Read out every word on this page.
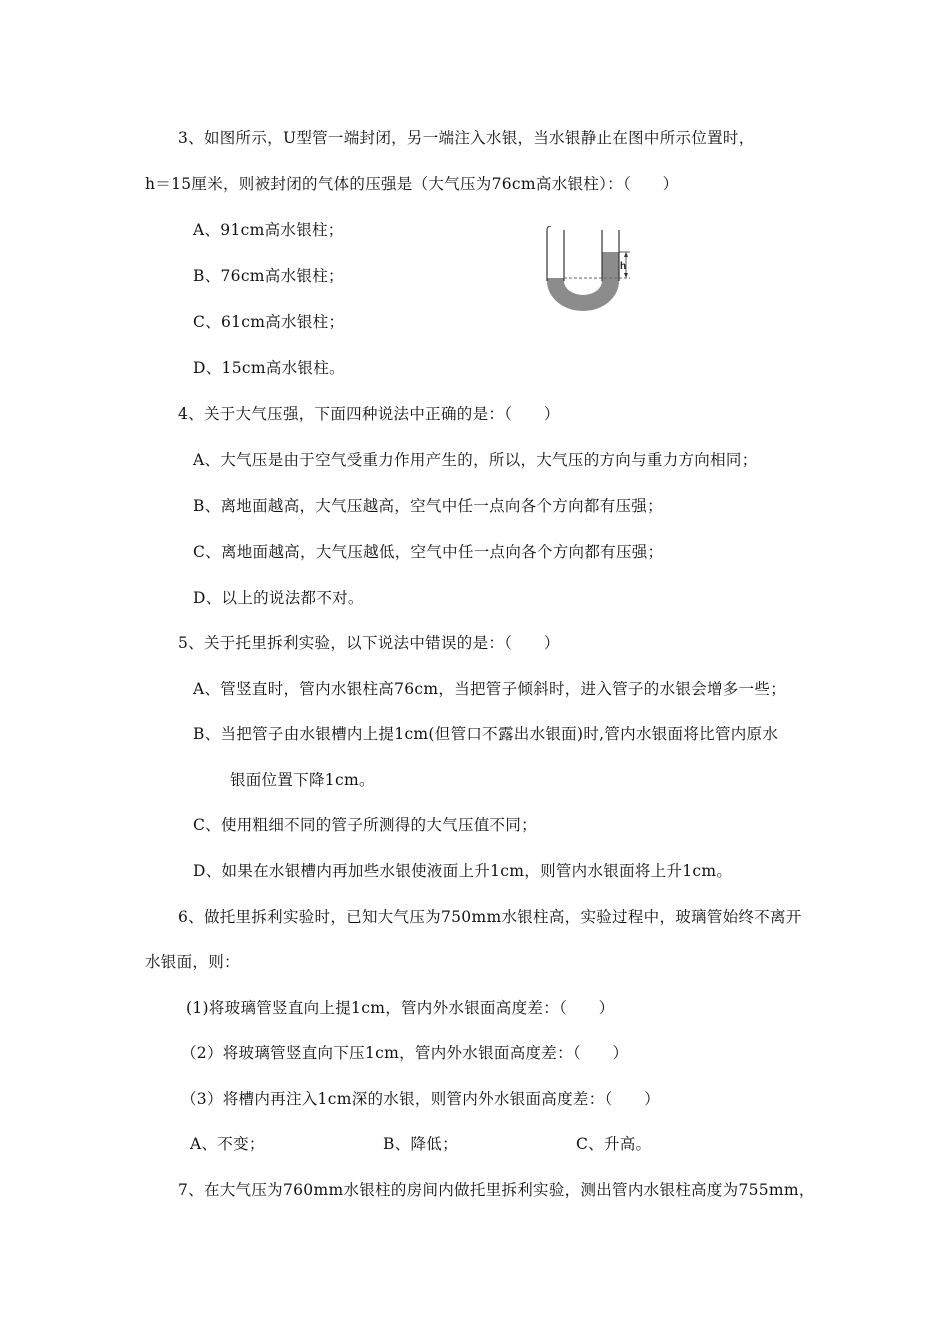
3、如图所示，U型管一端封闭，另一端注入水银，当水银静止在图中所示位置时，
h＝15厘米，则被封闭的气体的压强是（大气压为76cm高水银柱）：（　　）
A、91cm高水银柱；
B、76cm高水银柱；
C、61cm高水银柱；
D、15cm高水银柱。
h
4、关于大气压强，下面四种说法中正确的是：（　　）
A、大气压是由于空气受重力作用产生的，所以，大气压的方向与重力方向相同；
B、离地面越高，大气压越高，空气中任一点向各个方向都有压强；
C、离地面越高，大气压越低，空气中任一点向各个方向都有压强；
D、以上的说法都不对。
5、关于托里拆利实验，以下说法中错误的是：（　　）
A、管竖直时，管内水银柱高76cm，当把管子倾斜时，进入管子的水银会增多一些；
B、当把管子由水银槽内上提1cm(但管口不露出水银面)时,管内水银面将比管内原水
银面位置下降1cm。
C、使用粗细不同的管子所测得的大气压值不同；
D、如果在水银槽内再加些水银使液面上升1cm，则管内水银面将上升1cm。
6、做托里拆利实验时，已知大气压为750mm水银柱高，实验过程中，玻璃管始终不离开
水银面，则：
(1)将玻璃管竖直向上提1cm，管内外水银面高度差：（　　）
（2）将玻璃管竖直向下压1cm，管内外水银面高度差：（　　）
（3）将槽内再注入1cm深的水银，则管内外水银面高度差：（　　）
A、不变；	B、降低；	C、升高。
7、在大气压为760mm水银柱的房间内做托里拆利实验，测出管内水银柱高度为755mm，
